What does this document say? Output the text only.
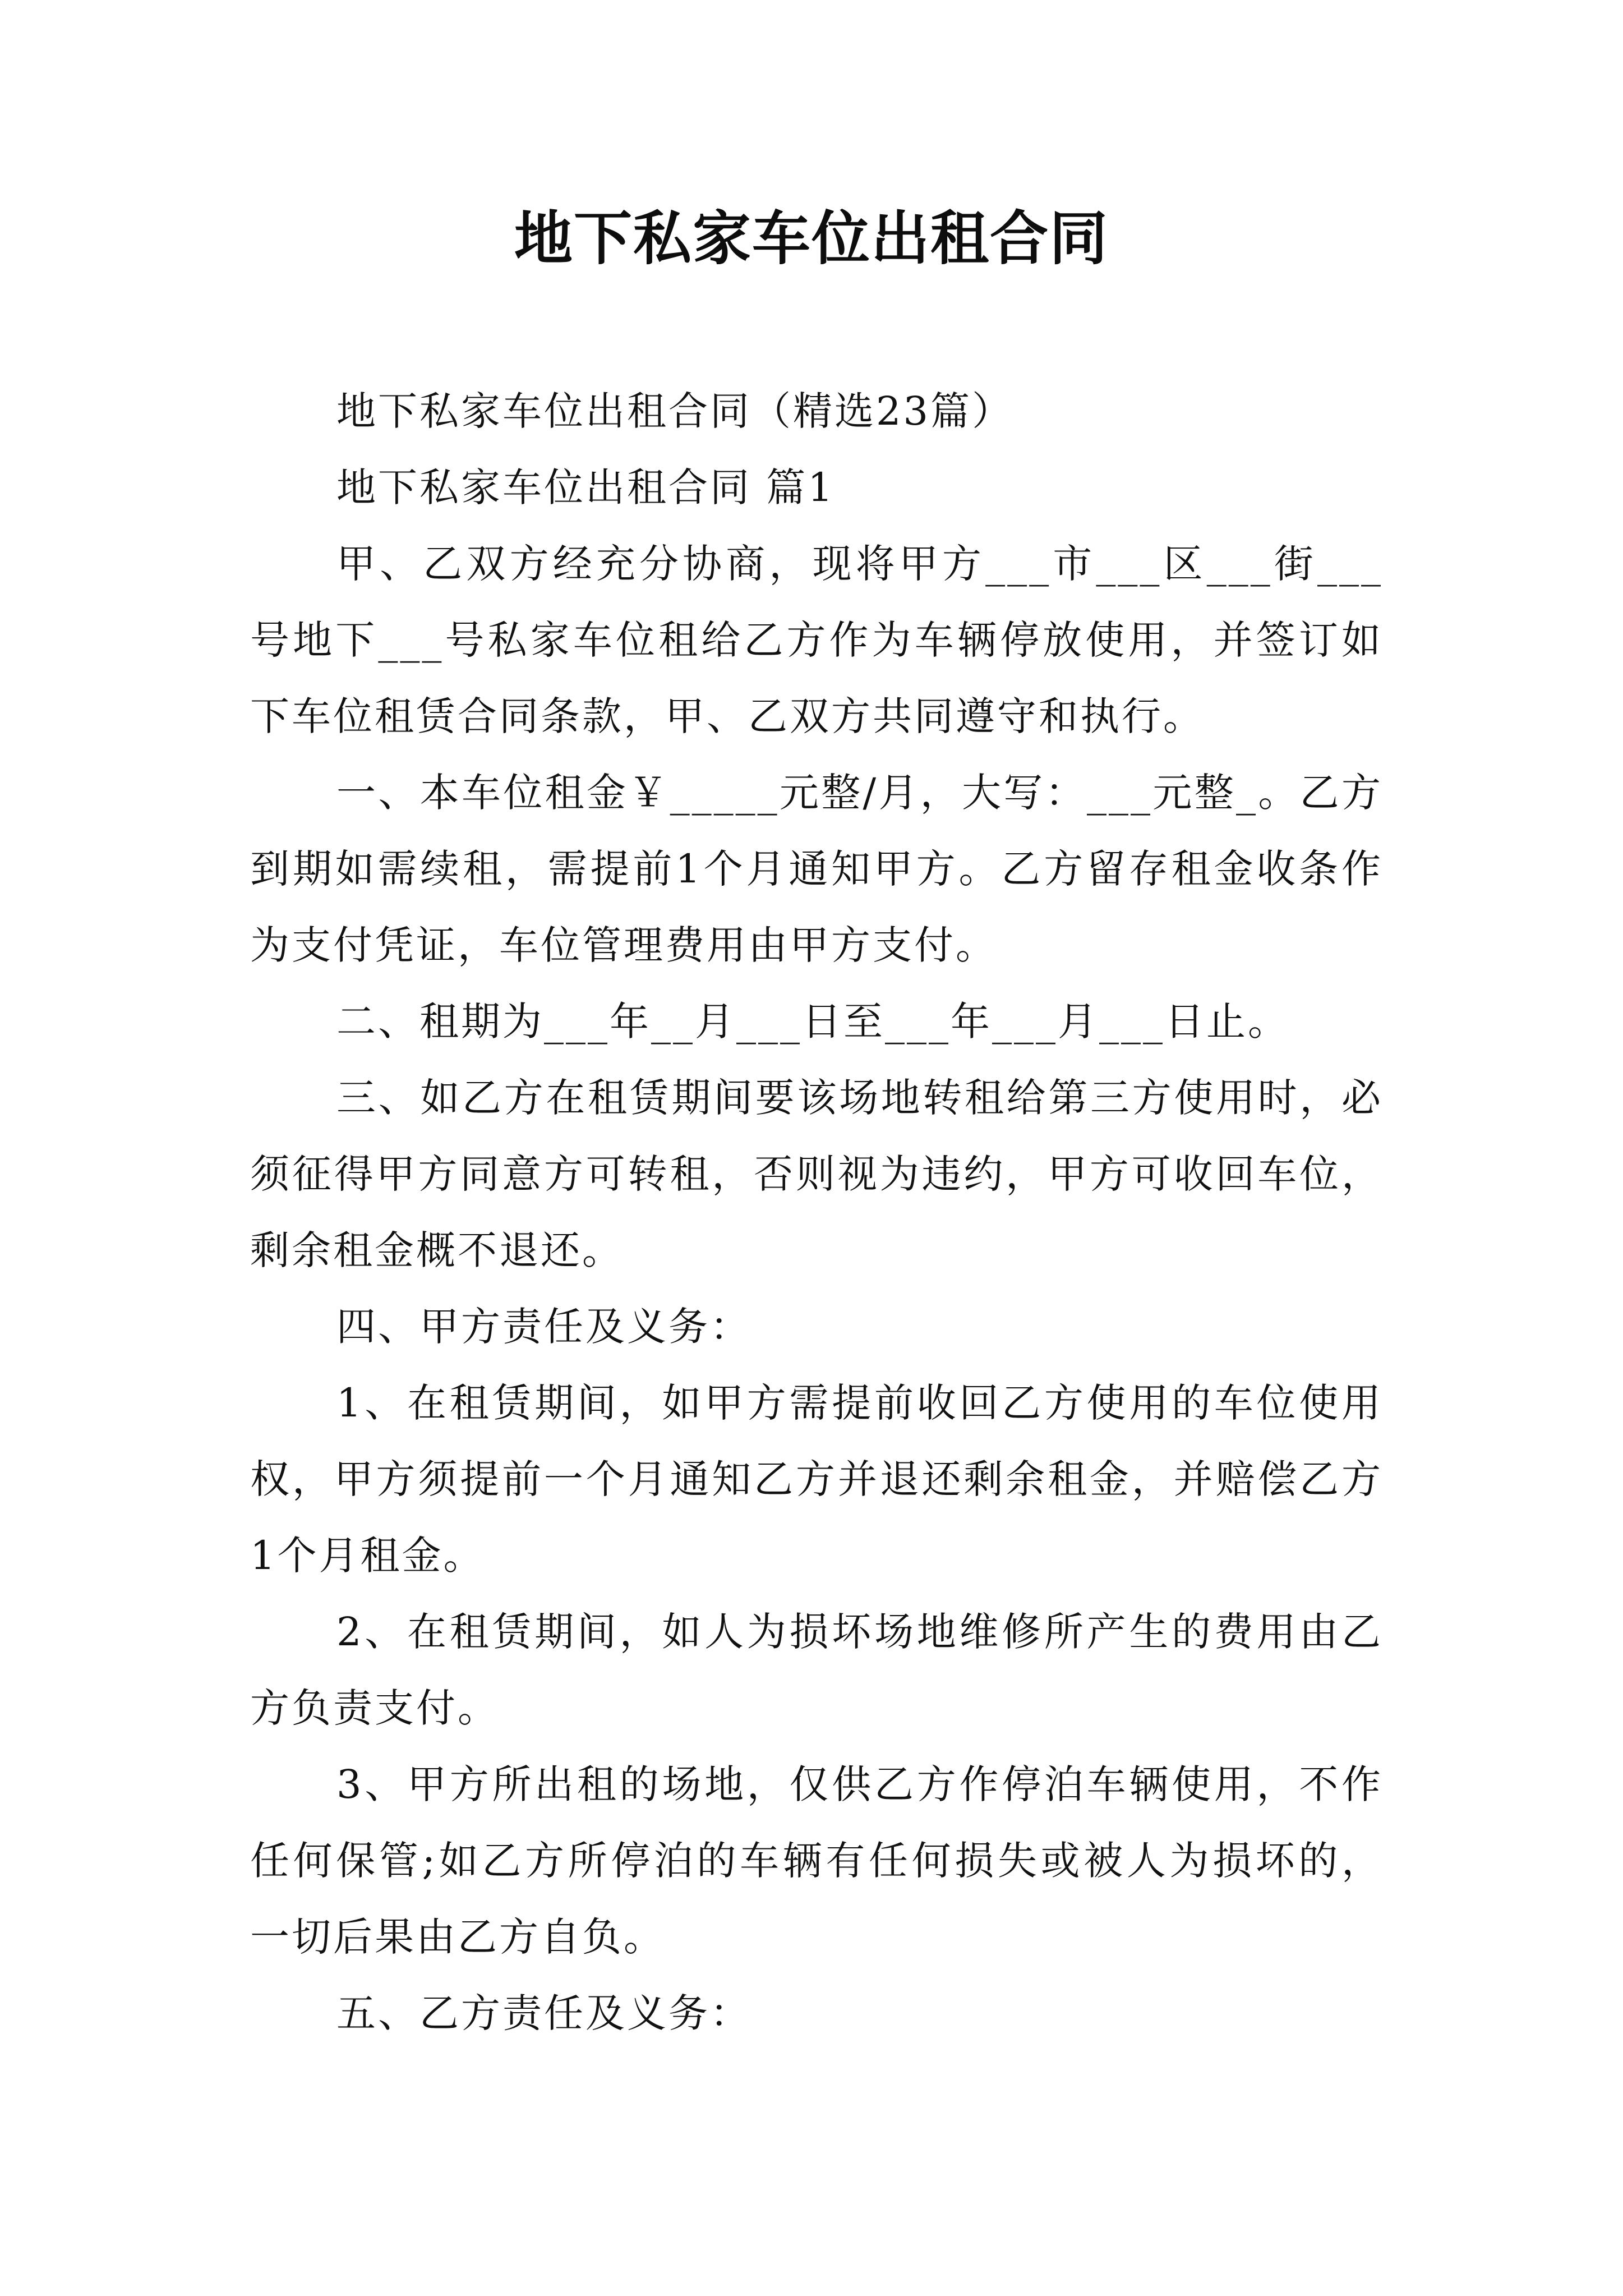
地下私家车位出租合同

地下私家车位出租合同（精选23篇）

地下私家车位出租合同 篇1

甲、乙双方经充分协商，现将甲方___市___区___街___号地下___号私家车位租给乙方作为车辆停放使用，并签订如下车位租赁合同条款，甲、乙双方共同遵守和执行。

一、本车位租金￥_____元整/月，大写：___元整_。乙方到期如需续租，需提前1个月通知甲方。乙方留存租金收条作为支付凭证，车位管理费用由甲方支付。

二、租期为___年__月___日至___年___月___日止。

三、如乙方在租赁期间要该场地转租给第三方使用时，必须征得甲方同意方可转租，否则视为违约，甲方可收回车位，剩余租金概不退还。

四、甲方责任及义务：

1、在租赁期间，如甲方需提前收回乙方使用的车位使用权，甲方须提前一个月通知乙方并退还剩余租金，并赔偿乙方1个月租金。

2、在租赁期间，如人为损坏场地维修所产生的费用由乙方负责支付。

3、甲方所出租的场地，仅供乙方作停泊车辆使用，不作任何保管;如乙方所停泊的车辆有任何损失或被人为损坏的，一切后果由乙方自负。

五、乙方责任及义务：
